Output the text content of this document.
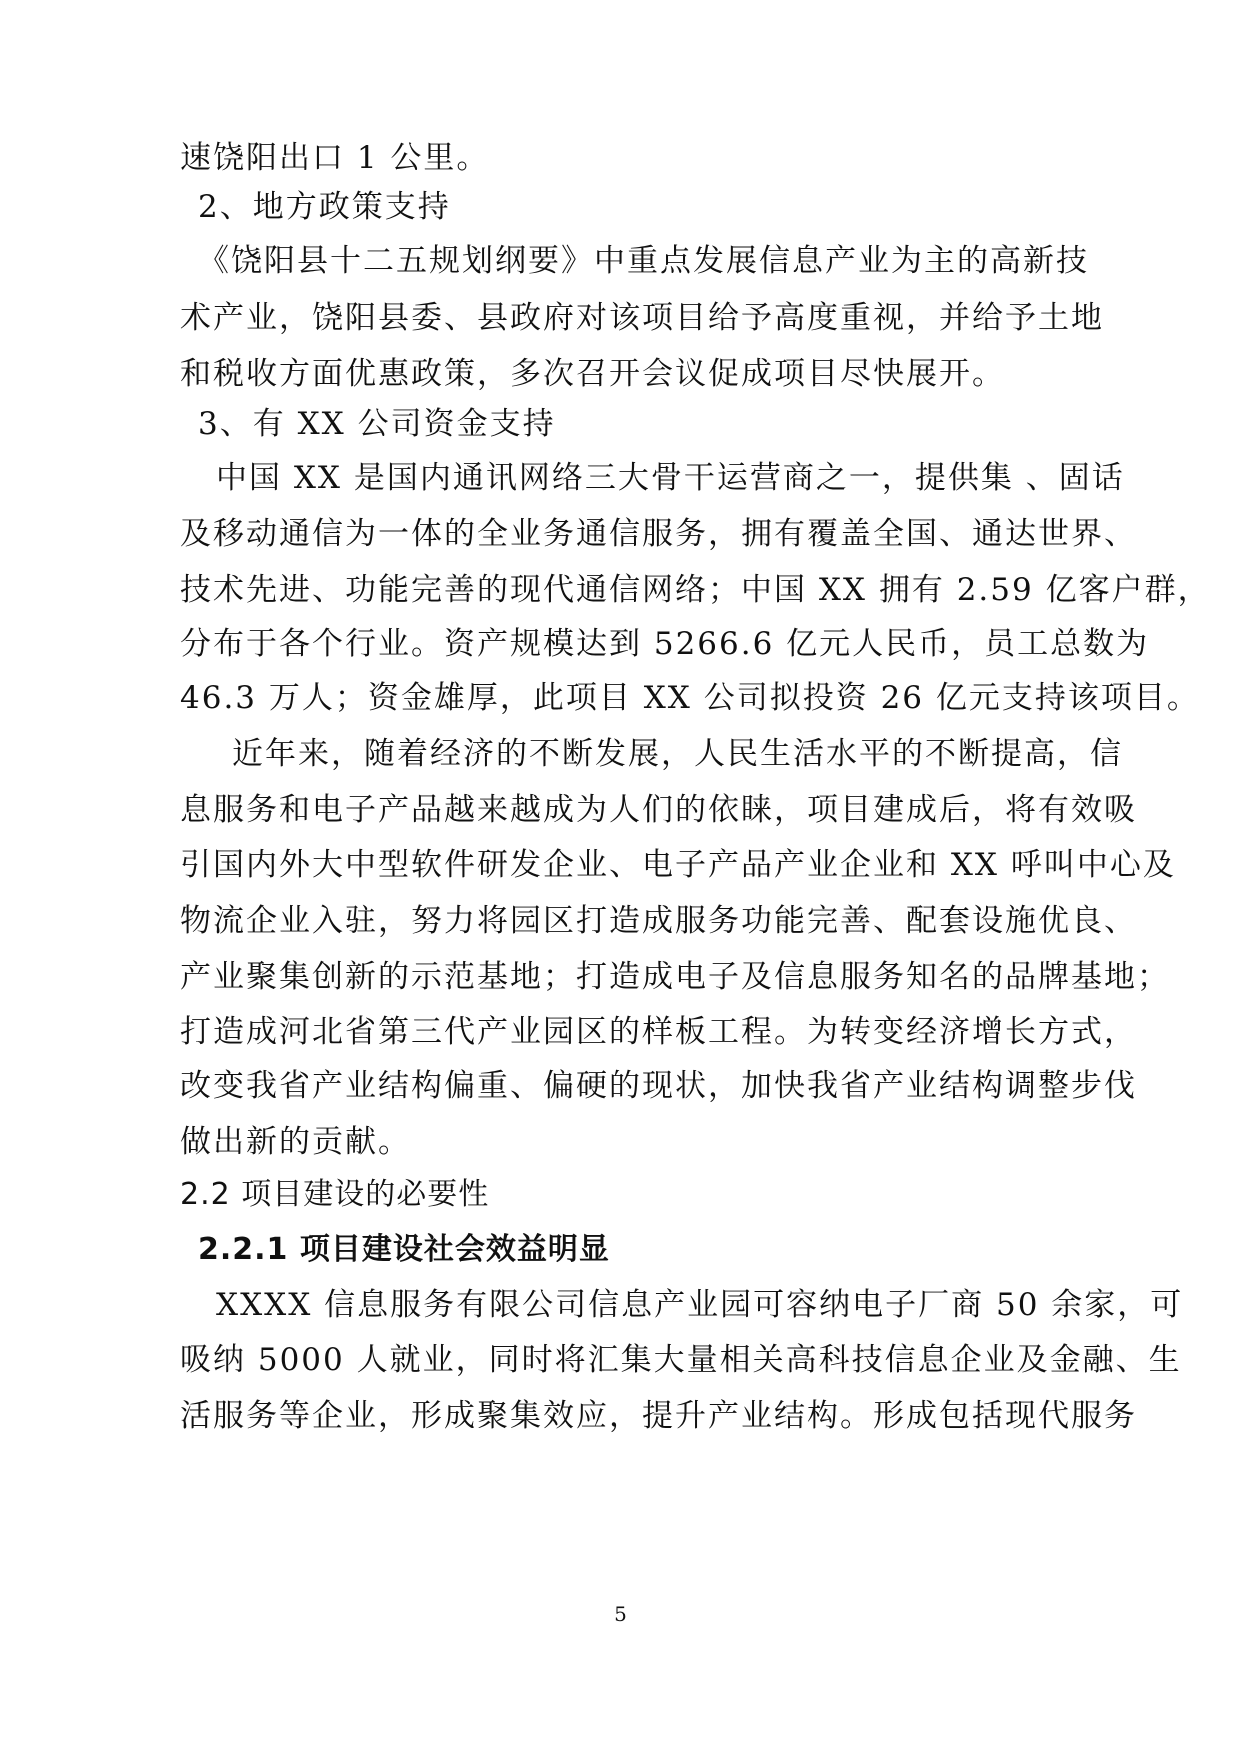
速饶阳出口 1 公里。
2、地方政策支持
《饶阳县十二五规划纲要》中重点发展信息产业为主的高新技
术产业，饶阳县委、县政府对该项目给予高度重视，并给予土地
和税收方面优惠政策，多次召开会议促成项目尽快展开。
3、有 XX 公司资金支持
中国 XX 是国内通讯网络三大骨干运营商之一，提供集 、固话
及移动通信为一体的全业务通信服务，拥有覆盖全国、通达世界、
技术先进、功能完善的现代通信网络；中国 XX 拥有 2.59 亿客户群，
分布于各个行业。资产规模达到 5266.6 亿元人民币，员工总数为
46.3 万人；资金雄厚，此项目 XX 公司拟投资 26 亿元支持该项目。
近年来，随着经济的不断发展，人民生活水平的不断提高，信
息服务和电子产品越来越成为人们的依睐，项目建成后，将有效吸
引国内外大中型软件研发企业、电子产品产业企业和 XX 呼叫中心及
物流企业入驻，努力将园区打造成服务功能完善、配套设施优良、
产业聚集创新的示范基地；打造成电子及信息服务知名的品牌基地；
打造成河北省第三代产业园区的样板工程。为转变经济增长方式，
改变我省产业结构偏重、偏硬的现状，加快我省产业结构调整步伐
做出新的贡献。
2.2 项目建设的必要性
2.2.1 项目建设社会效益明显
XXXX 信息服务有限公司信息产业园可容纳电子厂商 50 余家，可
吸纳 5000 人就业，同时将汇集大量相关高科技信息企业及金融、生
活服务等企业，形成聚集效应，提升产业结构。形成包括现代服务
5
